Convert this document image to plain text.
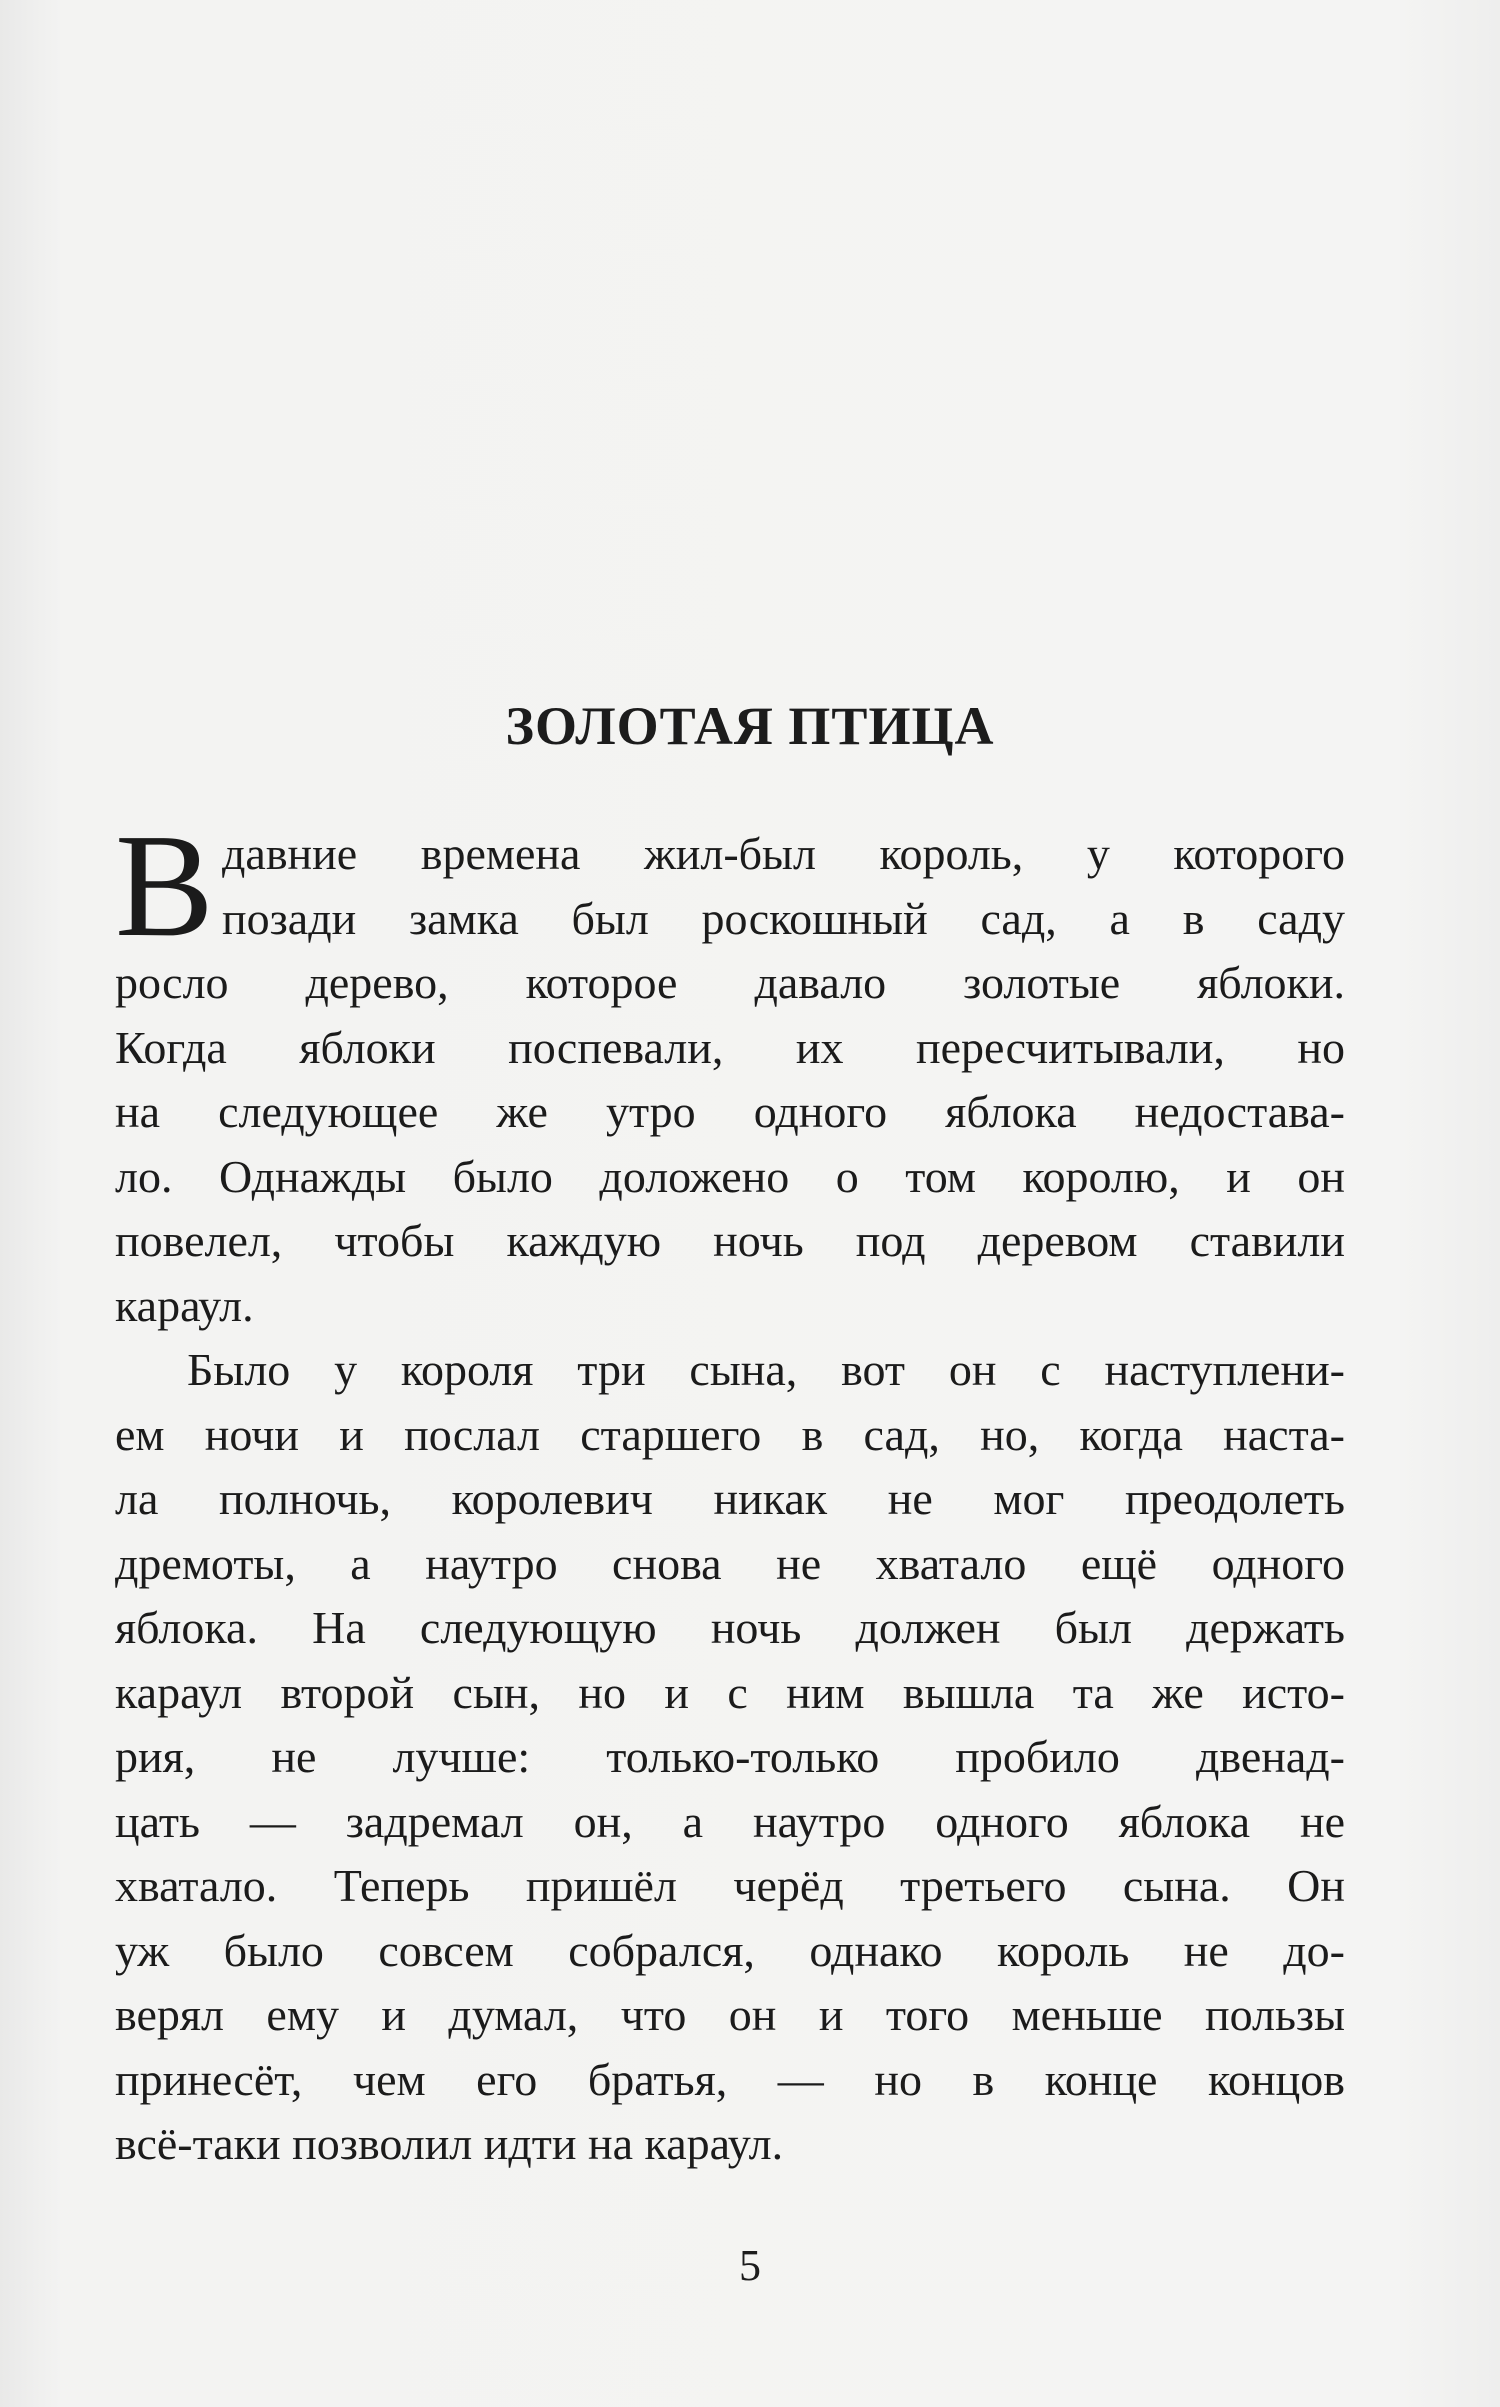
ЗОЛОТАЯ ПТИЦА
В давние времена жил-был король, у которого
позади замка был роскошный сад, а в саду
росло дерево, которое давало золотые яблоки.
Когда яблоки поспевали, их пересчитывали, но
на следующее же утро одного яблока недостава-
ло. Однажды было доложено о том королю, и он
повелел, чтобы каждую ночь под деревом ставили
караул.
Было у короля три сына, вот он с наступлени-
ем ночи и послал старшего в сад, но, когда наста-
ла полночь, королевич никак не мог преодолеть
дремоты, а наутро снова не хватало ещё одного
яблока. На следующую ночь должен был держать
караул второй сын, но и с ним вышла та же исто-
рия, не лучше: только-только пробило двенад-
цать — задремал он, а наутро одного яблока не
хватало. Теперь пришёл черёд третьего сына. Он
уж было совсем собрался, однако король не до-
верял ему и думал, что он и того меньше пользы
принесёт, чем его братья, — но в конце концов
всё-таки позволил идти на караул.
5
